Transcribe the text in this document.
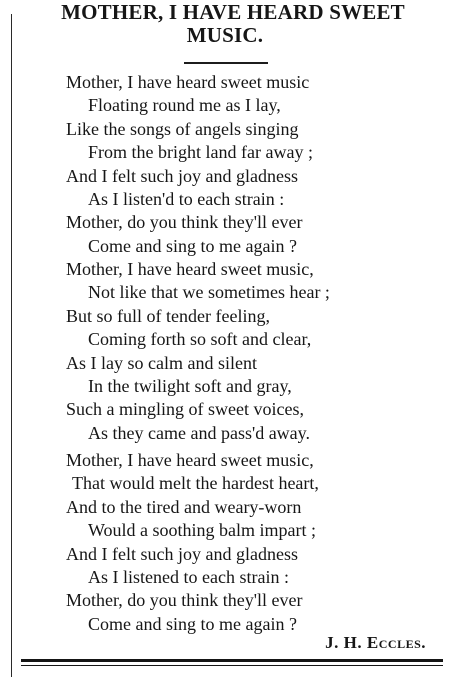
MOTHER, I HAVE HEARD SWEET
MUSIC.
Mother, I have heard sweet music
Floating round me as I lay,
Like the songs of angels singing
From the bright land far away ;
And I felt such joy and gladness
As I listen'd to each strain :
Mother, do you think they'll ever
Come and sing to me again ?
Mother, I have heard sweet music,
Not like that we sometimes hear ;
But so full of tender feeling,
Coming forth so soft and clear,
As I lay so calm and silent
In the twilight soft and gray,
Such a mingling of sweet voices,
As they came and pass'd away.
Mother, I have heard sweet music,
That would melt the hardest heart,
And to the tired and weary-worn
Would a soothing balm impart ;
And I felt such joy and gladness
As I listened to each strain :
Mother, do you think they'll ever
Come and sing to me again ?
J. H. Eccles.
